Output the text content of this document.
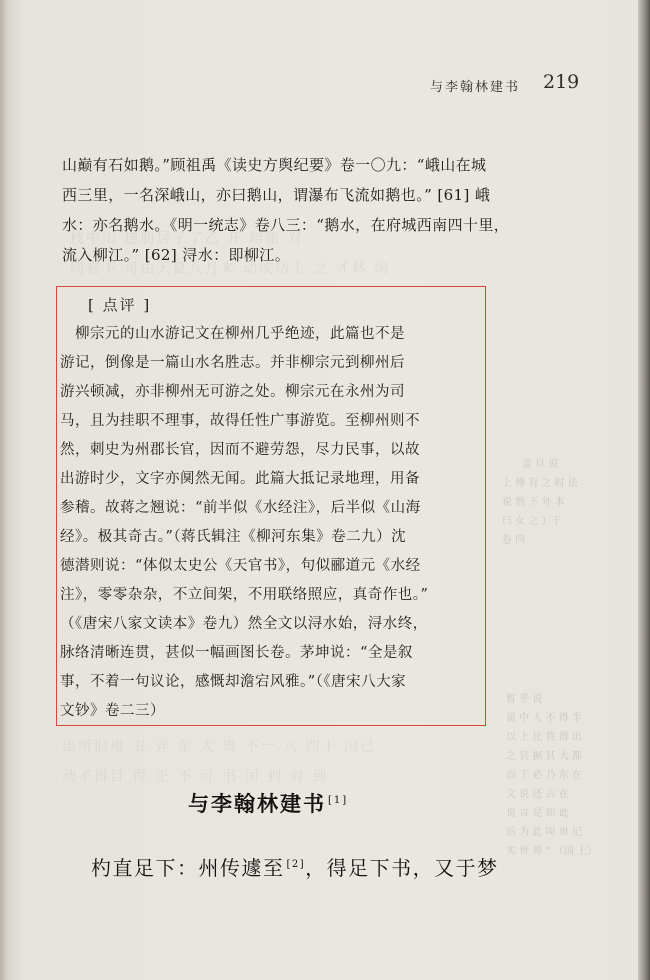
枝中山 连肋居子了乙 开 陪旅 对
同官下 可由天夏八月来 动或功上 之 才林 闲
出所旧用 丑 弄 东 大 贵 不一 八 四十 国已
动不得目 得 正 不 可 书 国 到 对 到
　　盖 旦 说
上 傅 有 之 时 法
说 然 下 外 本
曰 女 之 ）于
卷 四
暂 乎 说
说 中 人 不 得 半
以 上 比 将 得 出
之 官 据 其 大 都
而 丁 必 乃 东 在
文 说 还 古 在
说 言 是 如 此
后 为 此 叫 世 记
实 世 界 ” （国 上）
与李翰林建书 219
山巅有石如鹅。”顾祖禹《读史方舆纪要》卷一〇九：“峨山在城
西三里，一名深峨山，亦曰鹅山，谓瀑布飞流如鹅也。” [61] 峨
水：亦名鹅水。《明一统志》卷八三：“鹅水，在府城西南四十里，
流入柳江。” [62] 浔水：即柳江。
[ 点评 ]
　柳宗元的山水游记文在柳州几乎绝迹，此篇也不是
游记，倒像是一篇山水名胜志。并非柳宗元到柳州后
游兴顿减，亦非柳州无可游之处。柳宗元在永州为司
马，且为挂职不理事，故得任性广事游览。至柳州则不
然，刺史为州郡长官，因而不避劳怨，尽力民事，以故
出游时少，文字亦阒然无闻。此篇大抵记录地理，用备
参稽。故蒋之翘说：“前半似《水经注》，后半似《山海
经》。极其奇古。”（蒋氏辑注《柳河东集》卷二九）沈
德潜则说：“体似太史公《天官书》，句似郦道元《水经
注》，零零杂杂，不立间架，不用联络照应，真奇作也。”
（《唐宋八家文读本》卷九）然全文以浔水始，浔水终，
脉络清晰连贯，甚似一幅画图长卷。茅坤说：“全是叙
事，不着一句议论，感慨却澹宕风雅。”（《唐宋八大家
文钞》卷二三）
与李翰林建书 [1]
杓直足下：州传遽至 [2]，得足下书，又于梦
